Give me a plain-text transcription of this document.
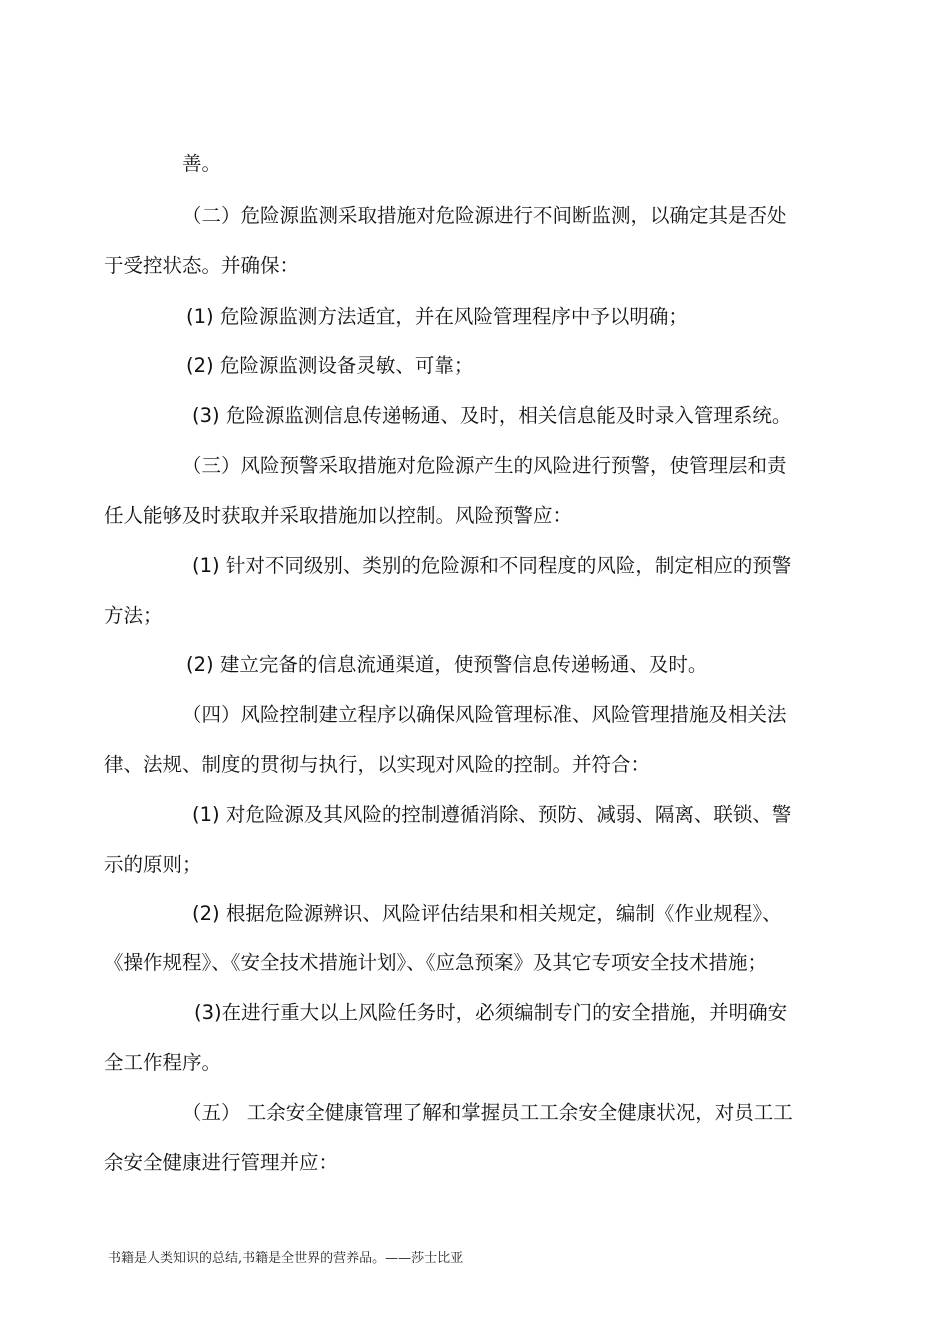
善。
（二）危险源监测采取措施对危险源进行不间断监测，以确定其是否处
于受控状态。并确保：
(1) 危险源监测方法适宜，并在风险管理程序中予以明确；
(2) 危险源监测设备灵敏、可靠；
(3) 危险源监测信息传递畅通、及时，相关信息能及时录入管理系统。
（三）风险预警采取措施对危险源产生的风险进行预警，使管理层和责
任人能够及时获取并采取措施加以控制。风险预警应：
(1) 针对不同级别、类别的危险源和不同程度的风险，制定相应的预警
方法；
(2) 建立完备的信息流通渠道，使预警信息传递畅通、及时。
（四）风险控制建立程序以确保风险管理标准、风险管理措施及相关法
律、法规、制度的贯彻与执行，以实现对风险的控制。并符合：
(1) 对危险源及其风险的控制遵循消除、预防、减弱、隔离、联锁、警
示的原则；
(2) 根据危险源辨识、风险评估结果和相关规定，编制《作业规程》、
《操作规程》、《安全技术措施计划》、《应急预案》及其它专项安全技术措施；
(3)在进行重大以上风险任务时，必须编制专门的安全措施，并明确安
全工作程序。
（五） 工余安全健康管理了解和掌握员工工余安全健康状况，对员工工
余安全健康进行管理并应：
书籍是人类知识的总结,书籍是全世界的营养品。——莎士比亚
